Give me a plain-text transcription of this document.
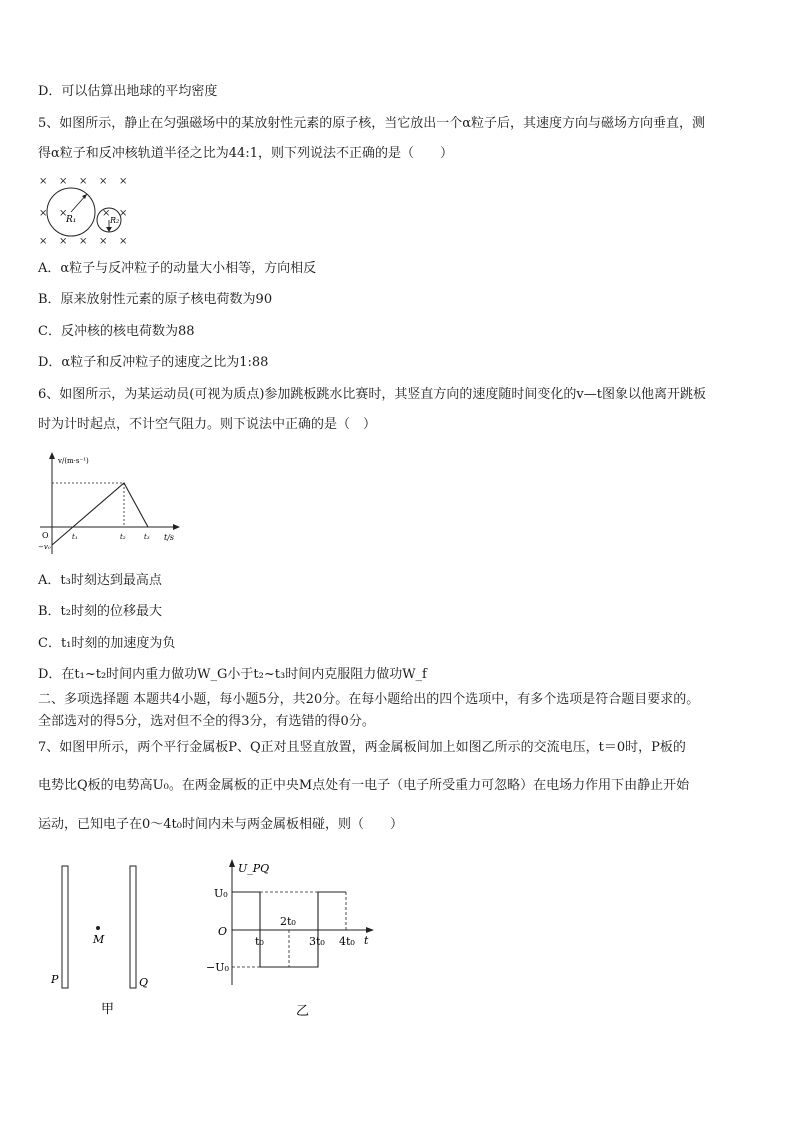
D．可以估算出地球的平均密度
5、如图所示，静止在匀强磁场中的某放射性元素的原子核，当它放出一个α粒子后，其速度方向与磁场方向垂直，测
得α粒子和反冲核轨道半径之比为44:1，则下列说法不正确的是（　　）
× × × × ×
× ×	× ×
× × × × ×
R₁	R₂
A．α粒子与反冲粒子的动量大小相等，方向相反
B．原来放射性元素的原子核电荷数为90
C．反冲核的核电荷数为88
D．α粒子和反冲粒子的速度之比为1:88
6、如图所示，为某运动员(可视为质点)参加跳板跳水比赛时，其竖直方向的速度随时间变化的v—t图象以他离开跳板
时为计时起点，不计空气阻力。则下说法中正确的是（　）
v/(m·s⁻¹)
t/s
O
−v₀
t₁	t₂	t₃
A．t₃时刻达到最高点
B．t₂时刻的位移最大
C．t₁时刻的加速度为负
D．在t₁~t₂时间内重力做功W_G小于t₂~t₃时间内克服阻力做功W_f
二、多项选择题 本题共4小题，每小题5分，共20分。在每小题给出的四个选项中，有多个选项是符合题目要求的。
全部选对的得5分，选对但不全的得3分，有选错的得0分。
7、如图甲所示，两个平行金属板P、Q正对且竖直放置，两金属板间加上如图乙所示的交流电压，t＝0时，P板的
电势比Q板的电势高U₀。在两金属板的正中央M点处有一电子（电子所受重力可忽略）在电场力作用下由静止开始
运动，已知电子在0～4t₀时间内未与两金属板相碰，则（　　）
M
P	Q
甲
U_PQ
t
O
U₀
−U₀
t₀
2t₀
3t₀ 4t₀
乙
